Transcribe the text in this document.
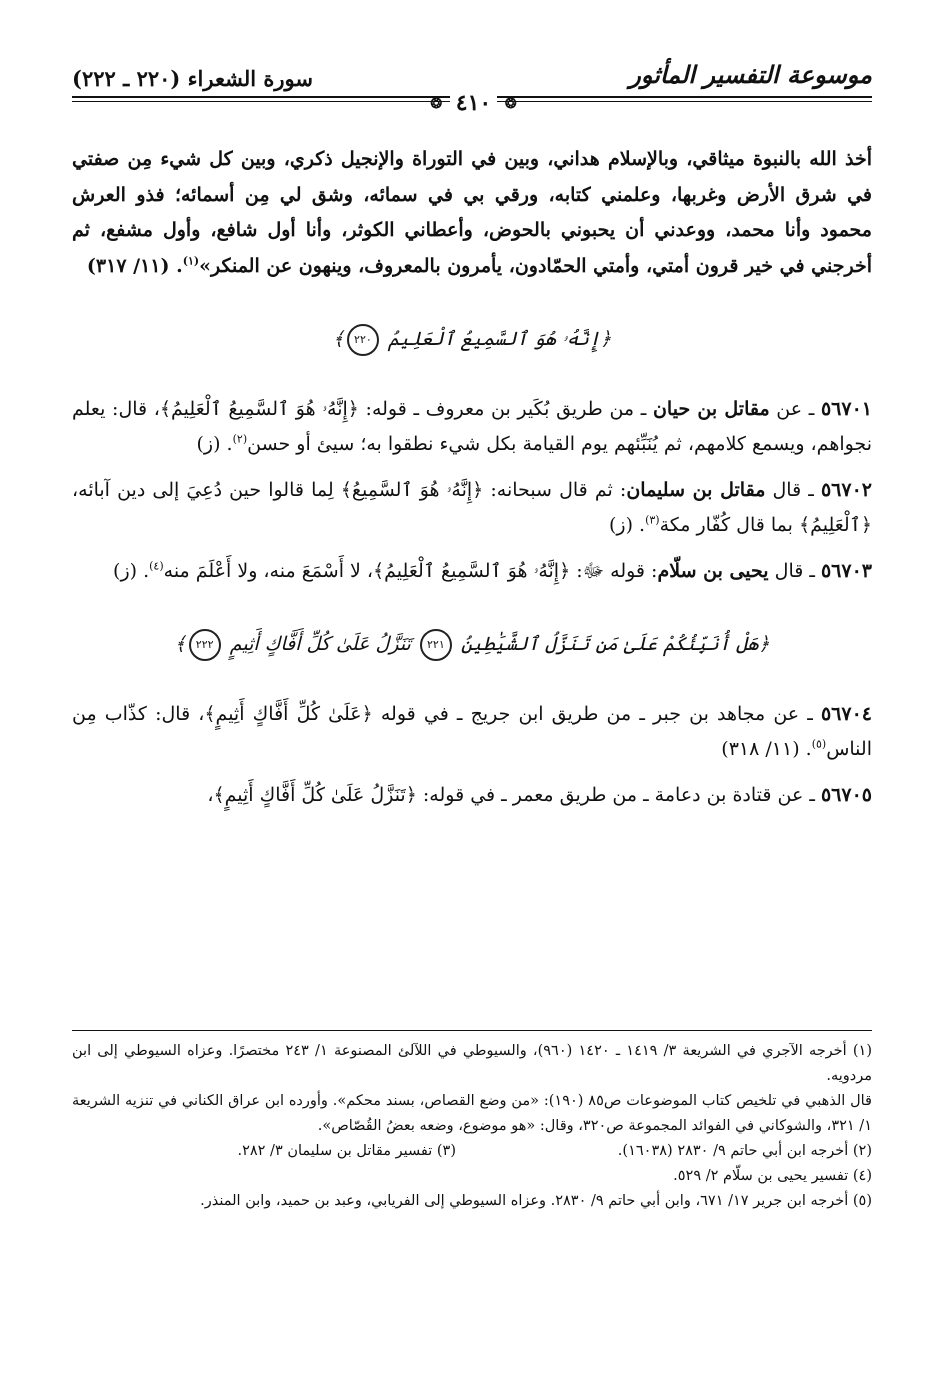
موسوعة التفسير المأثور
سورة الشعراء (٢٢٠ ـ ٢٢٢)
❂ ٤١٠ ❂

أخذ الله بالنبوة ميثاقي، وبالإسلام هداني، وبين في التوراة والإنجيل ذكري، وبين كل شيء مِن صفتي في شرق الأرض وغربها، وعلمني كتابه، ورقي بي في سمائه، وشق لي مِن أسمائه؛ فذو العرش محمود وأنا محمد، ووعدني أن يحبوني بالحوض، وأعطاني الكوثر، وأنا أول شافع، وأول مشفع، ثم أخرجني في خير قرون أمتي، وأمتي الحمّادون، يأمرون بالمعروف، وينهون عن المنكر»$^{(١)}$. (١١/ ٣١٧)

﴿إِنَّهُۥ هُوَ ٱلسَّمِيعُ ٱلْعَلِيمُ ٢٢٠﴾

٥٦٧٠١ ـ عن مقاتل بن حيان ـ من طريق بُكَير بن معروف ـ قوله: ﴿إِنَّهُۥ هُوَ ٱلسَّمِيعُ ٱلْعَلِيمُ﴾، قال: يعلم نجواهم، ويسمع كلامهم، ثم يُنَبِّئهم يوم القيامة بكل شيء نطقوا به؛ سيئ أو حسن$^{(٢)}$. (ز)

٥٦٧٠٢ ـ قال مقاتل بن سليمان: ثم قال سبحانه: ﴿إِنَّهُۥ هُوَ ٱلسَّمِيعُ﴾ لِما قالوا حين دُعِيَ إلى دين آبائه، ﴿ٱلْعَلِيمُ﴾ بما قال كُفّار مكة$^{(٣)}$. (ز)

٥٦٧٠٣ ـ قال يحيى بن سلّام: قوله ﷻ: ﴿إِنَّهُۥ هُوَ ٱلسَّمِيعُ ٱلْعَلِيمُ﴾، لا أَسْمَعَ منه، ولا أَعْلَمَ منه$^{(٤)}$. (ز)

﴿هَلْ أُنَبِّئُكُمْ عَلَىٰ مَن تَنَزَّلُ ٱلشَّيَٰطِينُ ٢٢١ تَنَزَّلُ عَلَىٰ كُلِّ أَفَّاكٍ أَثِيمٍ ٢٢٢﴾

٥٦٧٠٤ ـ عن مجاهد بن جبر ـ من طريق ابن جريج ـ في قوله ﴿عَلَىٰ كُلِّ أَفَّاكٍ أَثِيمٍ﴾، قال: كذّاب مِن الناس$^{(٥)}$. (١١/ ٣١٨)

٥٦٧٠٥ ـ عن قتادة بن دعامة ـ من طريق معمر ـ في قوله: ﴿تَنَزَّلُ عَلَىٰ كُلِّ أَفَّاكٍ أَثِيمٍ﴾،

(١) أخرجه الآجري في الشريعة ٣/ ١٤١٩ ـ ١٤٢٠ (٩٦٠)، والسيوطي في اللآلئ المصنوعة ١/ ٢٤٣ مختصرًا. وعزاه السيوطي إلى ابن مردويه.

قال الذهبي في تلخيص كتاب الموضوعات ص٨٥ (١٩٠): «من وضع القصاص، بسند محكم». وأورده ابن عراق الكناني في تنزيه الشريعة ١/ ٣٢١، والشوكاني في الفوائد المجموعة ص٣٢٠، وقال: «هو موضوع، وضعه بعضُ القُصّاص».

(٢) أخرجه ابن أبي حاتم ٩/ ٢٨٣٠ (١٦٠٣٨).
(٣) تفسير مقاتل بن سليمان ٣/ ٢٨٢.

(٤) تفسير يحيى بن سلّام ٢/ ٥٢٩.

(٥) أخرجه ابن جرير ١٧/ ٦٧١، وابن أبي حاتم ٩/ ٢٨٣٠. وعزاه السيوطي إلى الفريابي، وعبد بن حميد، وابن المنذر.
